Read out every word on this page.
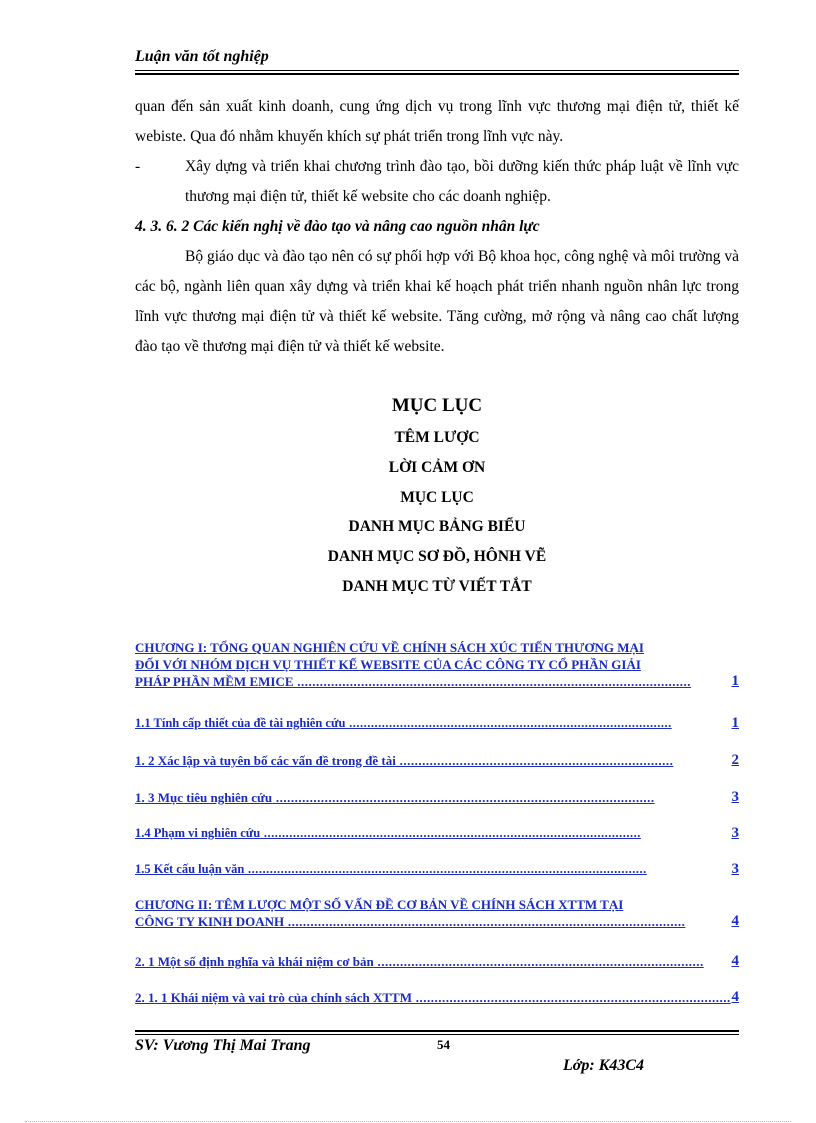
Luận văn tốt nghiệp

quan đến sản xuất kinh doanh, cung ứng dịch vụ trong lĩnh vực thương mại điện tử, thiết kế webiste. Qua đó nhằm khuyến khích sự phát triển trong lĩnh vực này.

-	Xây dựng và triển khai chương trình đào tạo, bồi dưỡng kiến thức pháp luật về lĩnh vực thương mại điện tử, thiết kế website cho các doanh nghiệp.

4. 3. 6. 2 Các kiến nghị về đào tạo và nâng cao nguồn nhân lực

Bộ giáo dục và đào tạo nên có sự phối hợp với Bộ khoa học, công nghệ và môi trường và các bộ, ngành liên quan xây dựng và triển khai kế hoạch phát triển nhanh nguồn nhân lực trong lĩnh vực thương mại điện tử và thiết kế website. Tăng cường, mở rộng và nâng cao chất lượng đào tạo về thương mại điện tử và thiết kế website.

MỤC LỤC
TÊM LƯỢC
LỜI CẢM ƠN
MỤC LỤC
DANH MỤC BẢNG BIỂU
DANH MỤC SƠ ĐỒ, HÔNH VẼ
DANH MỤC TỪ VIẾT TẮT
CHƯƠNG I: TỔNG QUAN NGHIÊN CỨU VỀ CHÍNH SÁCH XÚC TIẾN THƯƠNG MẠI
ĐỐI VỚI NHÓM DỊCH VỤ THIẾT KẾ WEBSITE CỦA CÁC CÔNG TY CỔ PHẦN GIẢI
PHÁP PHẦN MỀM EMICE .........................................................................................................	1
1.1 Tính cấp thiết của đề tài nghiên cứu .........................................................................................	1
1. 2 Xác lập và tuyên bố các vấn đề trong đề tài .........................................................................	2
1. 3 Mục tiêu nghiên cứu .....................................................................................................	3
1.4 Phạm vi nghiên cứu ........................................................................................................	3
1.5 Kết cấu luận văn ..............................................................................................................	3
CHƯƠNG II: TÊM LƯỢC MỘT SỐ VẤN ĐỀ CƠ BẢN VỀ CHÍNH SÁCH XTTM TẠI
CÔNG TY KINH DOANH ..........................................................................................................	4
2. 1 Một số định nghĩa và khái niệm cơ bản ....................................................................................... 4
2. 1. 1 Khái niệm và vai trò của chính sách XTTM .................................................................................... 4
SV: Vương Thị Mai Trang	54
Lớp: K43C4
